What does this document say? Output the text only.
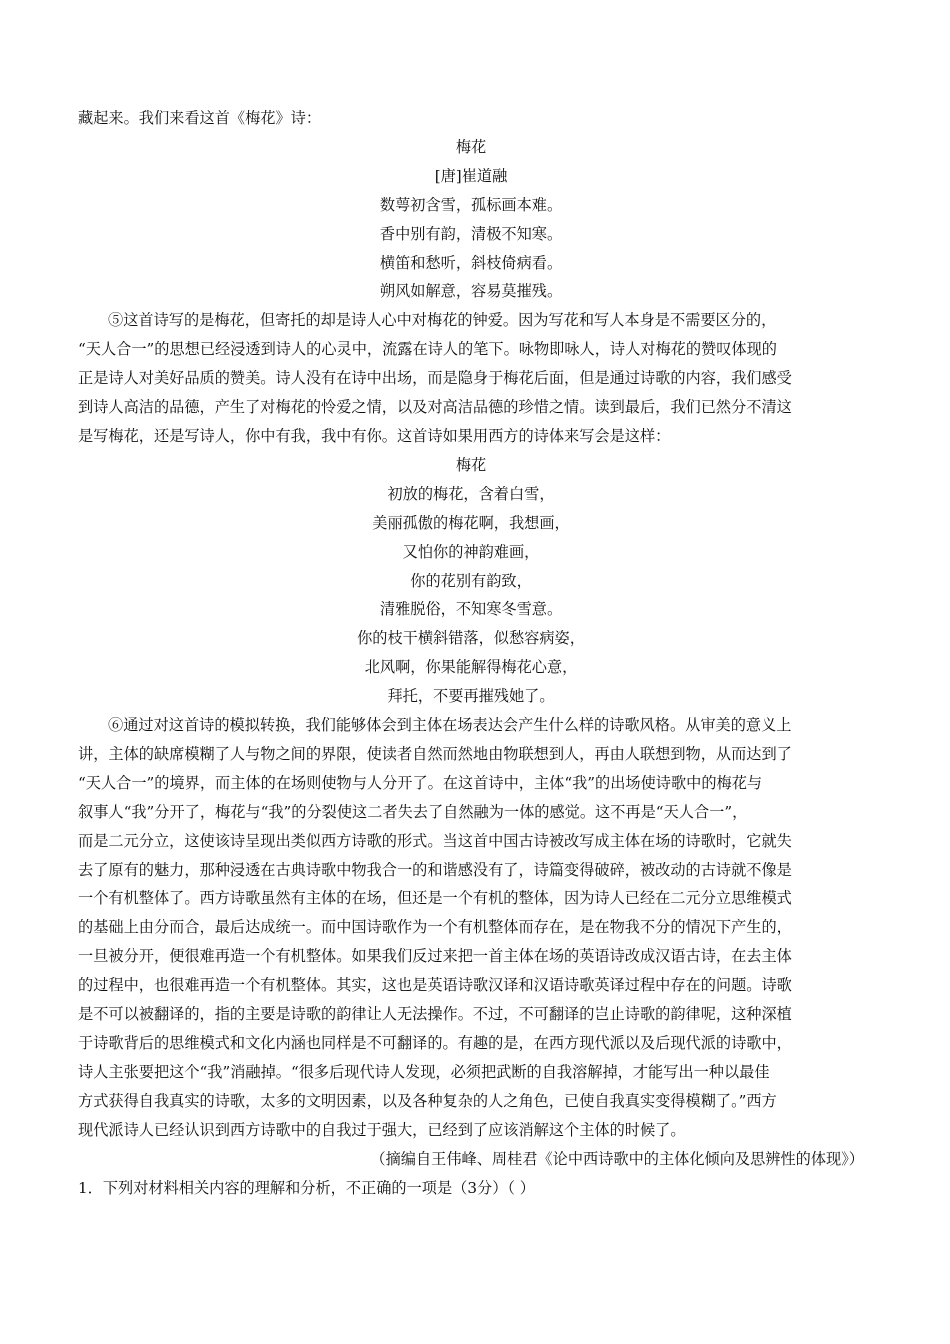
藏起来。我们来看这首《梅花》诗：
梅花
[唐]崔道融
数萼初含雪，孤标画本难。
香中别有韵，清极不知寒。
横笛和愁听，斜枝倚病看。
朔风如解意，容易莫摧残。
⑤这首诗写的是梅花，但寄托的却是诗人心中对梅花的钟爱。因为写花和写人本身是不需要区分的，
“天人合一”的思想已经浸透到诗人的心灵中，流露在诗人的笔下。咏物即咏人，诗人对梅花的赞叹体现的
正是诗人对美好品质的赞美。诗人没有在诗中出场，而是隐身于梅花后面，但是通过诗歌的内容，我们感受
到诗人高洁的品德，产生了对梅花的怜爱之情，以及对高洁品德的珍惜之情。读到最后，我们已然分不清这
是写梅花，还是写诗人，你中有我，我中有你。这首诗如果用西方的诗体来写会是这样：
梅花
初放的梅花，含着白雪，
美丽孤傲的梅花啊，我想画，
又怕你的神韵难画，
你的花别有韵致，
清雅脱俗，不知寒冬雪意。
你的枝干横斜错落，似愁容病姿，
北风啊，你果能解得梅花心意，
拜托，不要再摧残她了。
⑥通过对这首诗的模拟转换，我们能够体会到主体在场表达会产生什么样的诗歌风格。从审美的意义上
讲，主体的缺席模糊了人与物之间的界限，使读者自然而然地由物联想到人，再由人联想到物，从而达到了
“天人合一”的境界，而主体的在场则使物与人分开了。在这首诗中，主体“我”的出场使诗歌中的梅花与
叙事人“我”分开了，梅花与“我”的分裂使这二者失去了自然融为一体的感觉。这不再是“天人合一”，
而是二元分立，这使该诗呈现出类似西方诗歌的形式。当这首中国古诗被改写成主体在场的诗歌时，它就失
去了原有的魅力，那种浸透在古典诗歌中物我合一的和谐感没有了，诗篇变得破碎，被改动的古诗就不像是
一个有机整体了。西方诗歌虽然有主体的在场，但还是一个有机的整体，因为诗人已经在二元分立思维模式
的基础上由分而合，最后达成统一。而中国诗歌作为一个有机整体而存在，是在物我不分的情况下产生的，
一旦被分开，便很难再造一个有机整体。如果我们反过来把一首主体在场的英语诗改成汉语古诗，在去主体
的过程中，也很难再造一个有机整体。其实，这也是英语诗歌汉译和汉语诗歌英译过程中存在的问题。诗歌
是不可以被翻译的，指的主要是诗歌的韵律让人无法操作。不过，不可翻译的岂止诗歌的韵律呢，这种深植
于诗歌背后的思维模式和文化内涵也同样是不可翻译的。有趣的是，在西方现代派以及后现代派的诗歌中，
诗人主张要把这个“我”消融掉。“很多后现代诗人发现，必须把武断的自我溶解掉，才能写出一种以最佳
方式获得自我真实的诗歌，太多的文明因素，以及各种复杂的人之角色，已使自我真实变得模糊了。”西方
现代派诗人已经认识到西方诗歌中的自我过于强大，已经到了应该消解这个主体的时候了。
（摘编自王伟峰、周桂君《论中西诗歌中的主体化倾向及思辨性的体现》）
1．下列对材料相关内容的理解和分析，不正确的一项是（3分）（ ）
